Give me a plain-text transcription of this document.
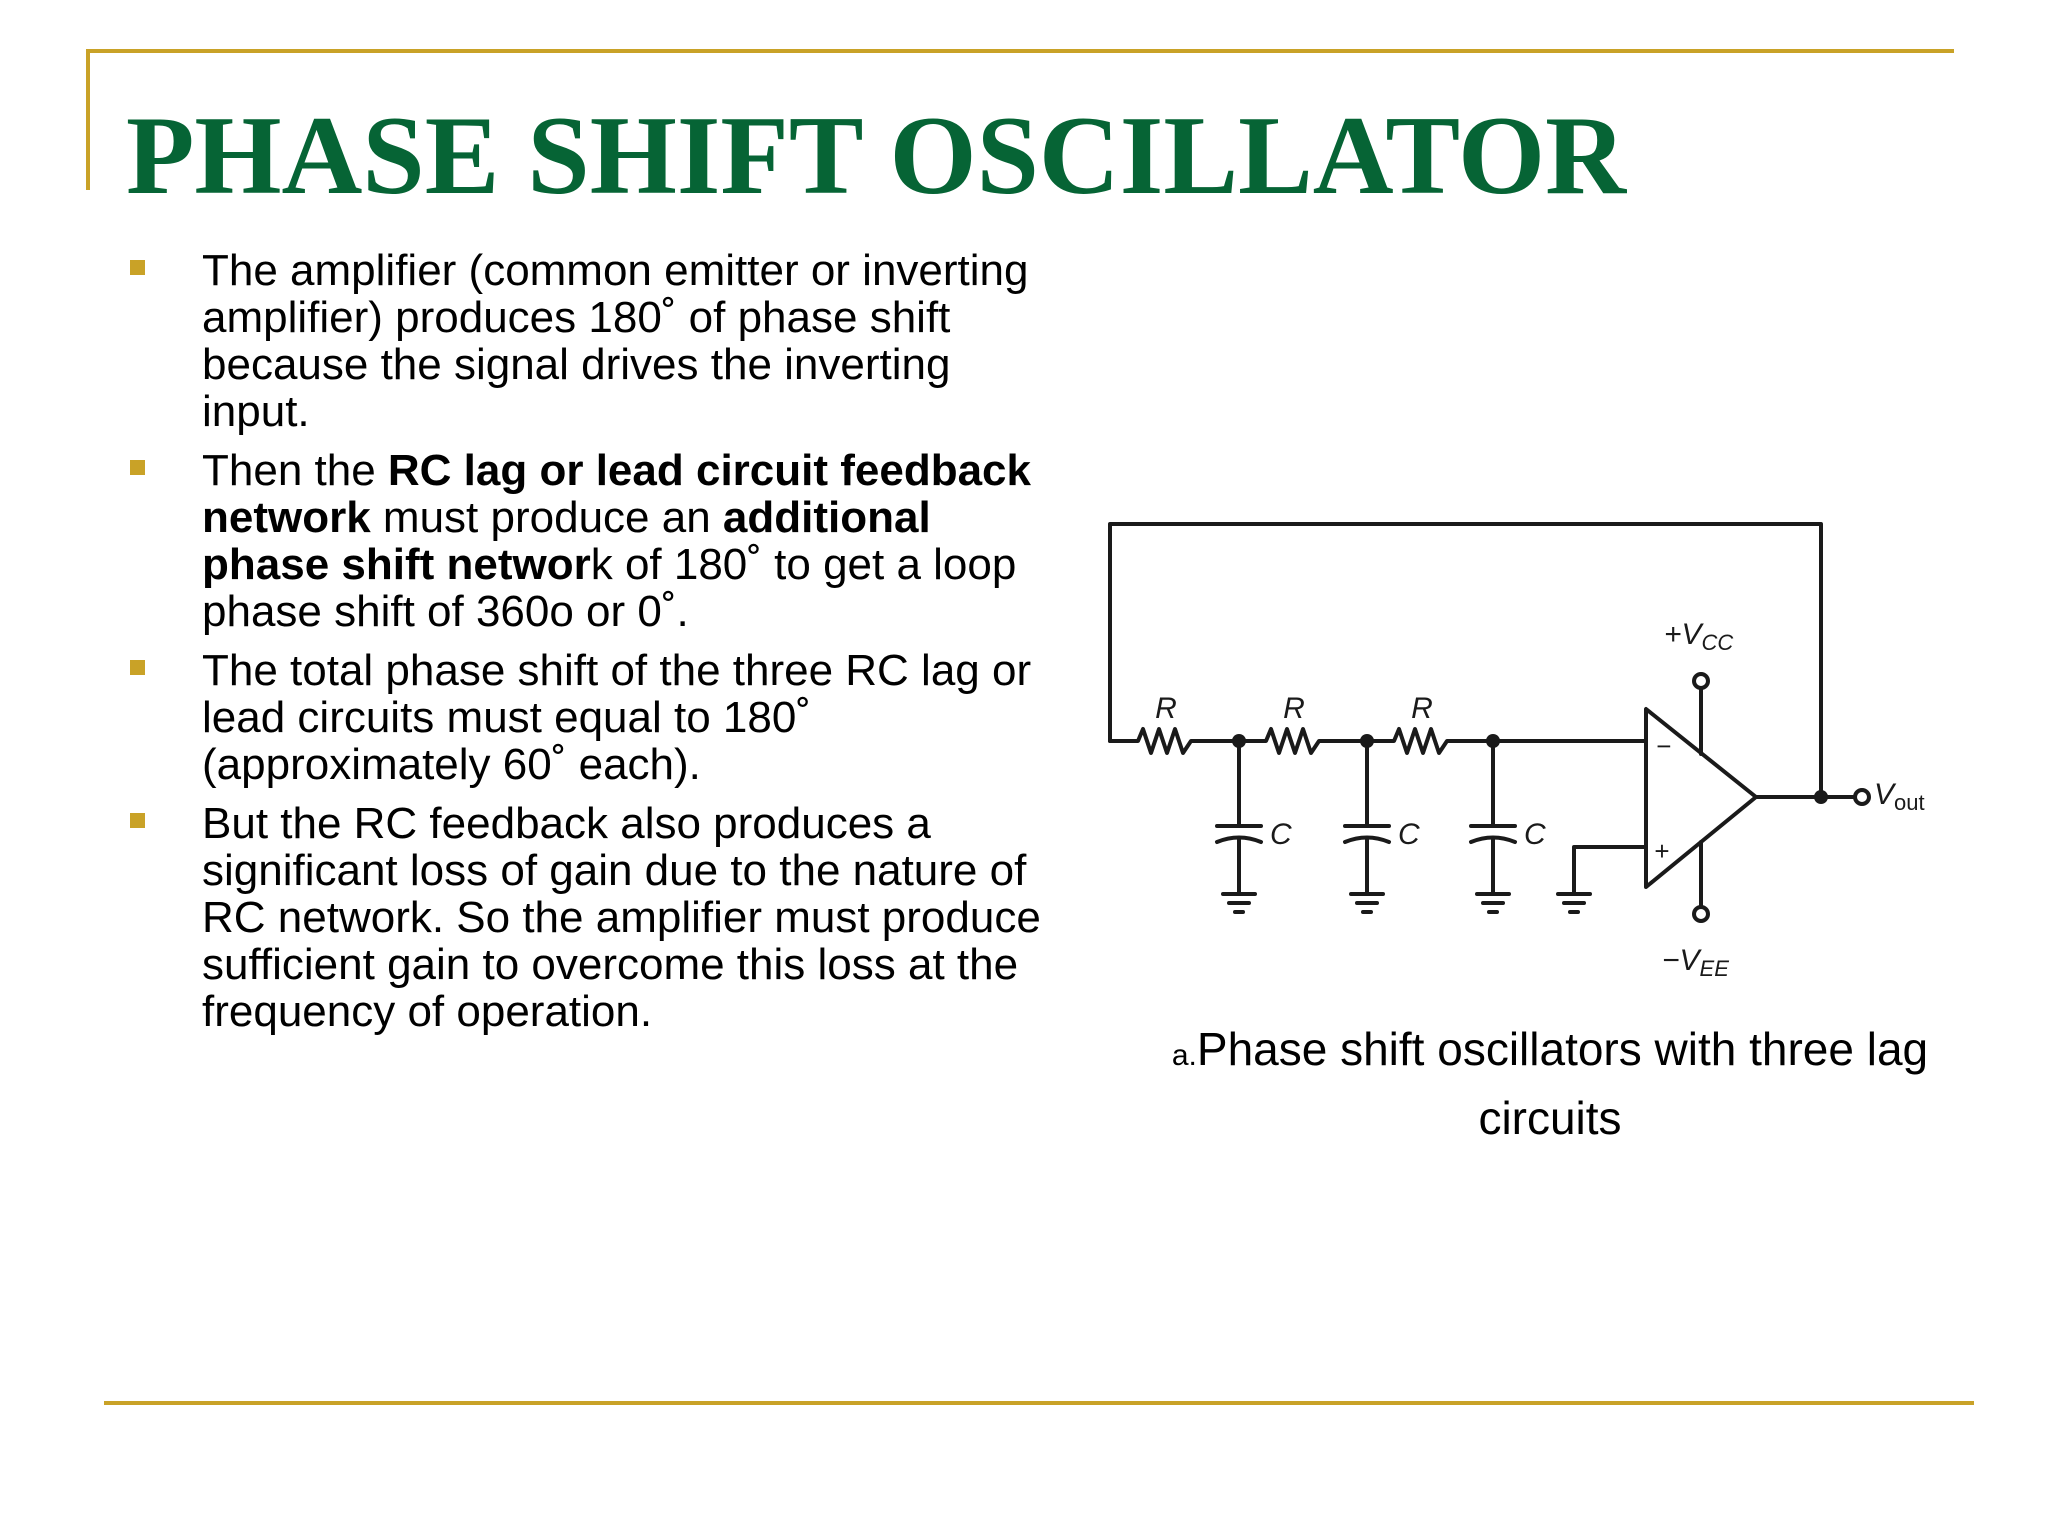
PHASE SHIFT OSCILLATOR
The amplifier (common emitter or inverting amplifier) produces 180˚ of phase shift because the signal drives the inverting input.
Then the RC lag or lead circuit feedback network must produce an additional phase shift network of 180˚ to get a loop phase shift of 360o or 0˚.
The total phase shift of the three RC lag or lead circuits must equal to 180˚ (approximately 60˚ each).
But the RC feedback also produces a significant loss of gain due to the nature of RC network. So the amplifier must produce sufficient gain to overcome this loss at the frequency of operation.
R	R	R
C	C	C
−
+
$+V_{CC}$
$-V_{EE}$
$V_{out}$
a.Phase shift oscillators with three lag circuits
